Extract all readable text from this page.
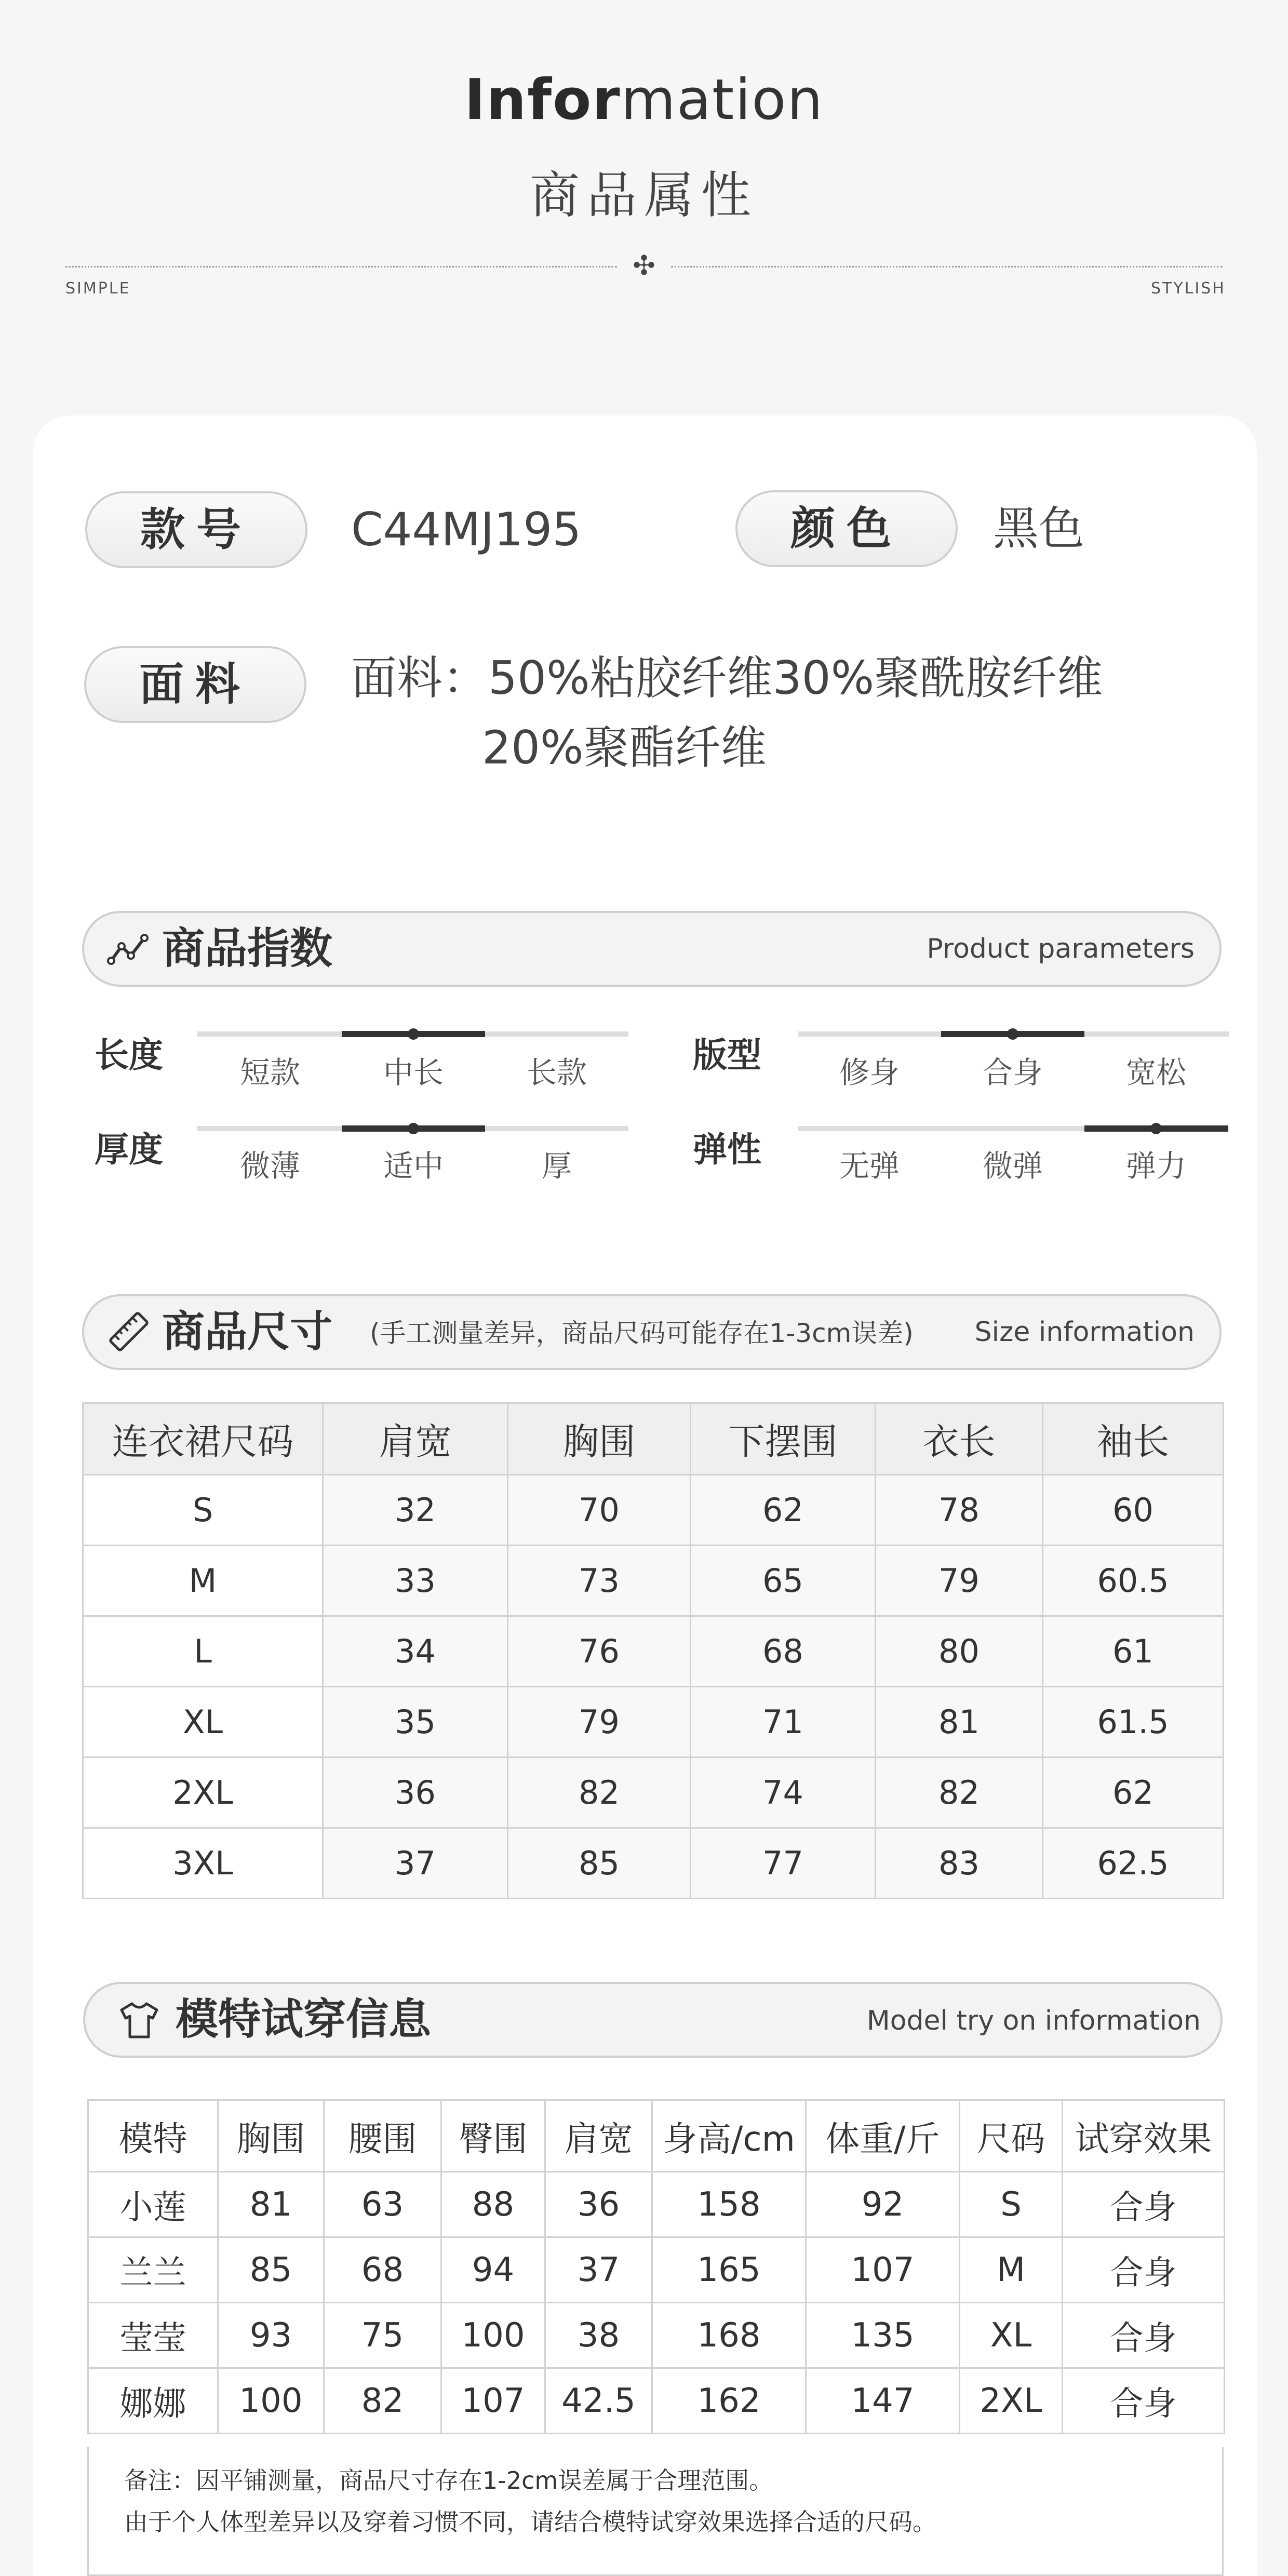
Information
商品属性
✣
SIMPLE	STYLISH
款号	C44MJ195	颜色	黑色
面料	面料：50%粘胶纤维30%聚酰胺纤维
20%聚酯纤维
商品指数	Product parameters
长度	短款	中长	长款	版型	修身	合身	宽松
厚度	微薄	适中	厚	弹性	无弹	微弹	弹力
商品尺寸 (手工测量差异，商品尺码可能存在1-3cm误差)	Size information
连衣裙尺码	肩宽	胸围	下摆围	衣长	袖长
S	32	70	62	78	60
M	33	73	65	79	60.5
L	34	76	68	80	61
XL	35	79	71	81	61.5
2XL	36	82	74	82	62
3XL	37	85	77	83	62.5
模特试穿信息	Model try on information
模特	胸围	腰围	臀围	肩宽	身高/cm	体重/斤	尺码	试穿效果
小莲	81	63	88	36	158	92	S	合身
兰兰	85	68	94	37	165	107	M	合身
莹莹	93	75	100	38	168	135	XL	合身
娜娜	100	82	107	42.5	162	147	2XL	合身
备注：因平铺测量，商品尺寸存在1-2cm误差属于合理范围。
由于个人体型差异以及穿着习惯不同，请结合模特试穿效果选择合适的尺码。
